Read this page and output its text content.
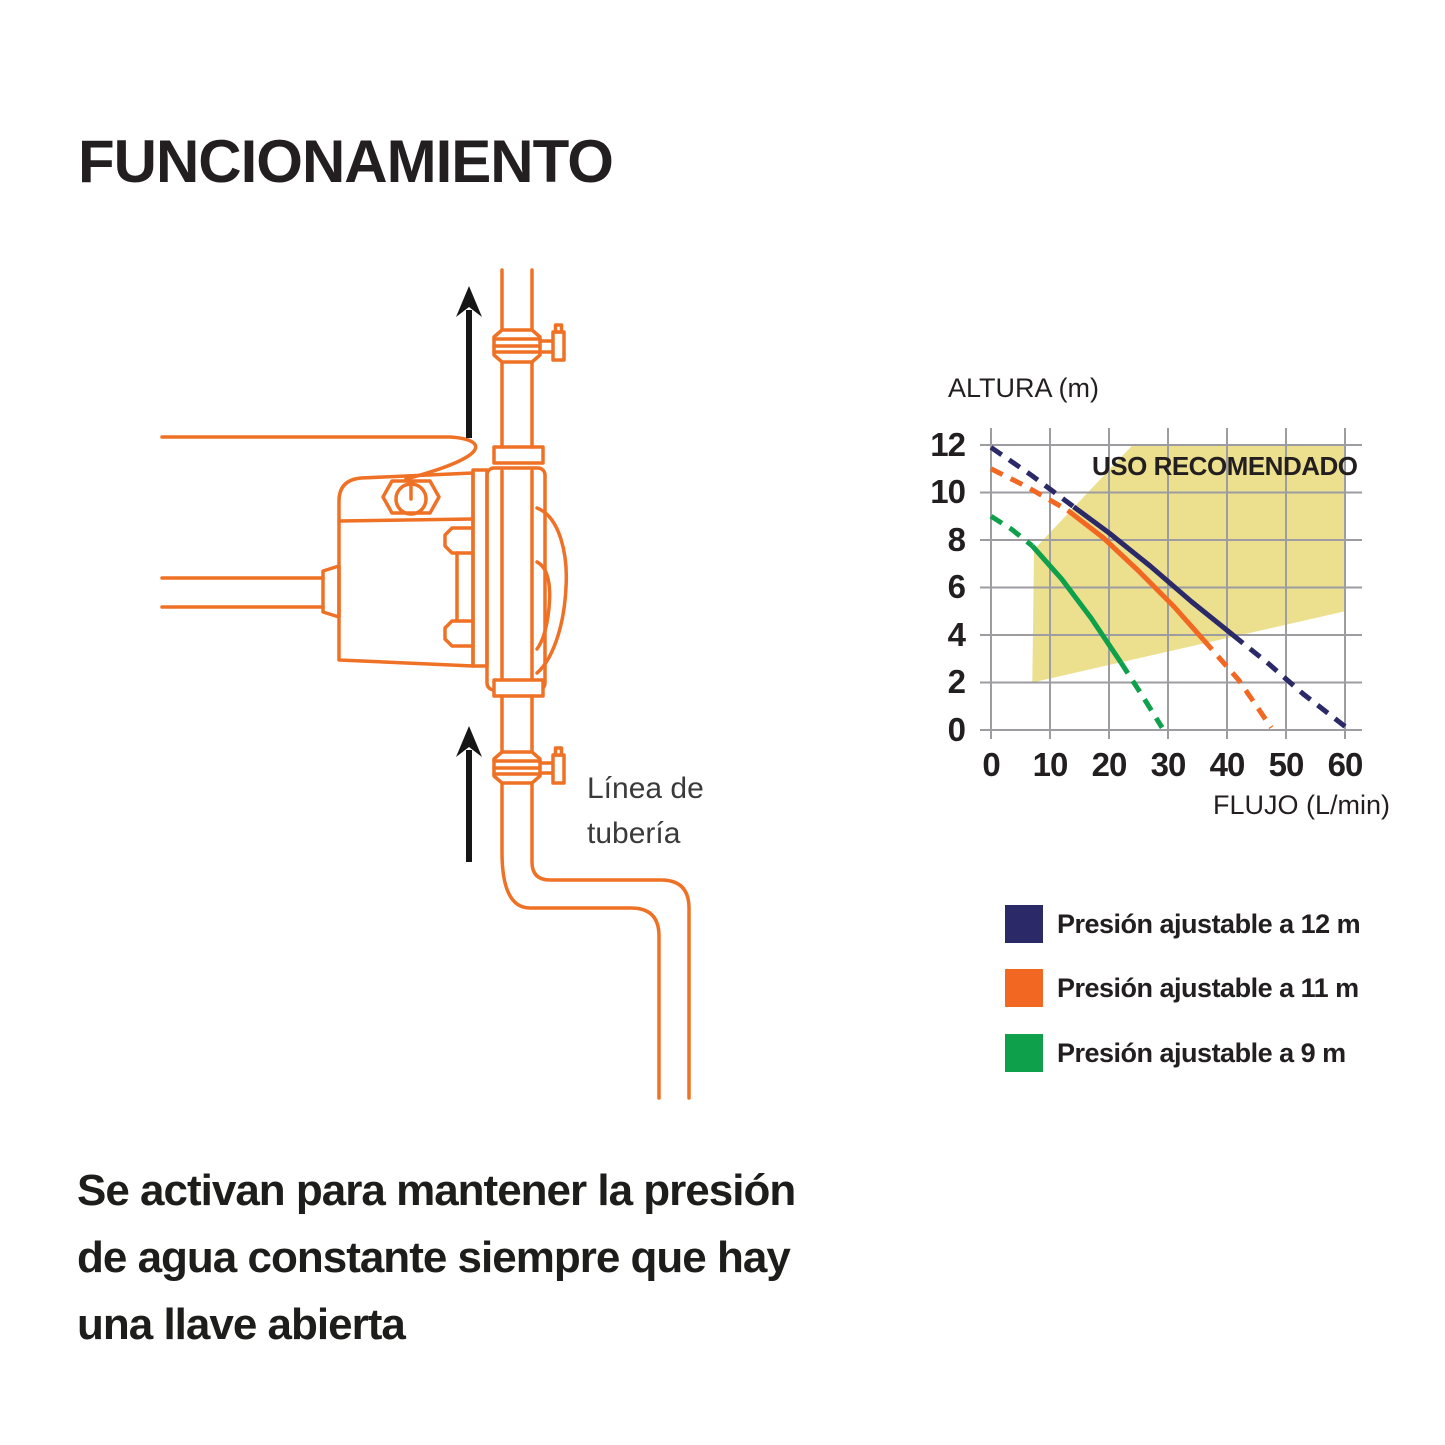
FUNCIONAMIENTO
Línea de
tubería
ALTURA (m)
USO RECOMENDADO
0 10 20 30 40 50 60
12
10
8
6
4
2
0
FLUJO (L/min)
Presión ajustable a 12 m
Presión ajustable a 11 m
Presión ajustable a 9 m
Se activan para mantener la presión
de agua constante siempre que hay
una llave abierta
